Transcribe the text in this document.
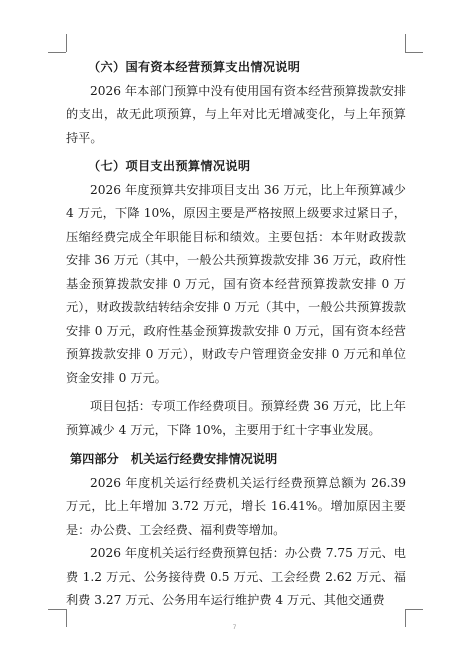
（六）国有资本经营预算支出情况说明

2026 年本部门预算中没有使用国有资本经营预算拨款安排的支出，故无此项预算，与上年对比无增减变化，与上年预算持平。

（七）项目支出预算情况说明

2026 年度预算共安排项目支出 36 万元，比上年预算减少 4 万元，下降 10%，原因主要是严格按照上级要求过紧日子，压缩经费完成全年职能目标和绩效。主要包括：本年财政拨款安排 36 万元（其中，一般公共预算拨款安排 36 万元，政府性基金预算拨款安排 0 万元，国有资本经营预算拨款安排 0 万元），财政拨款结转结余安排 0 万元（其中，一般公共预算拨款安排 0 万元，政府性基金预算拨款安排 0 万元，国有资本经营预算拨款安排 0 万元），财政专户管理资金安排 0 万元和单位资金安排 0 万元。

项目包括：专项工作经费项目。预算经费 36 万元，比上年预算减少 4 万元，下降 10%，主要用于红十字事业发展。

第四部分　机关运行经费安排情况说明

2026 年度机关运行经费机关运行经费预算总额为 26.39 万元，比上年增加 3.72 万元，增长 16.41%。增加原因主要是：办公费、工会经费、福利费等增加。

2026 年度机关运行经费预算包括：办公费 7.75 万元、电费 1.2 万元、公务接待费 0.5 万元、工会经费 2.62 万元、福利费 3.27 万元、公务用车运行维护费 4 万元、其他交通费

7
